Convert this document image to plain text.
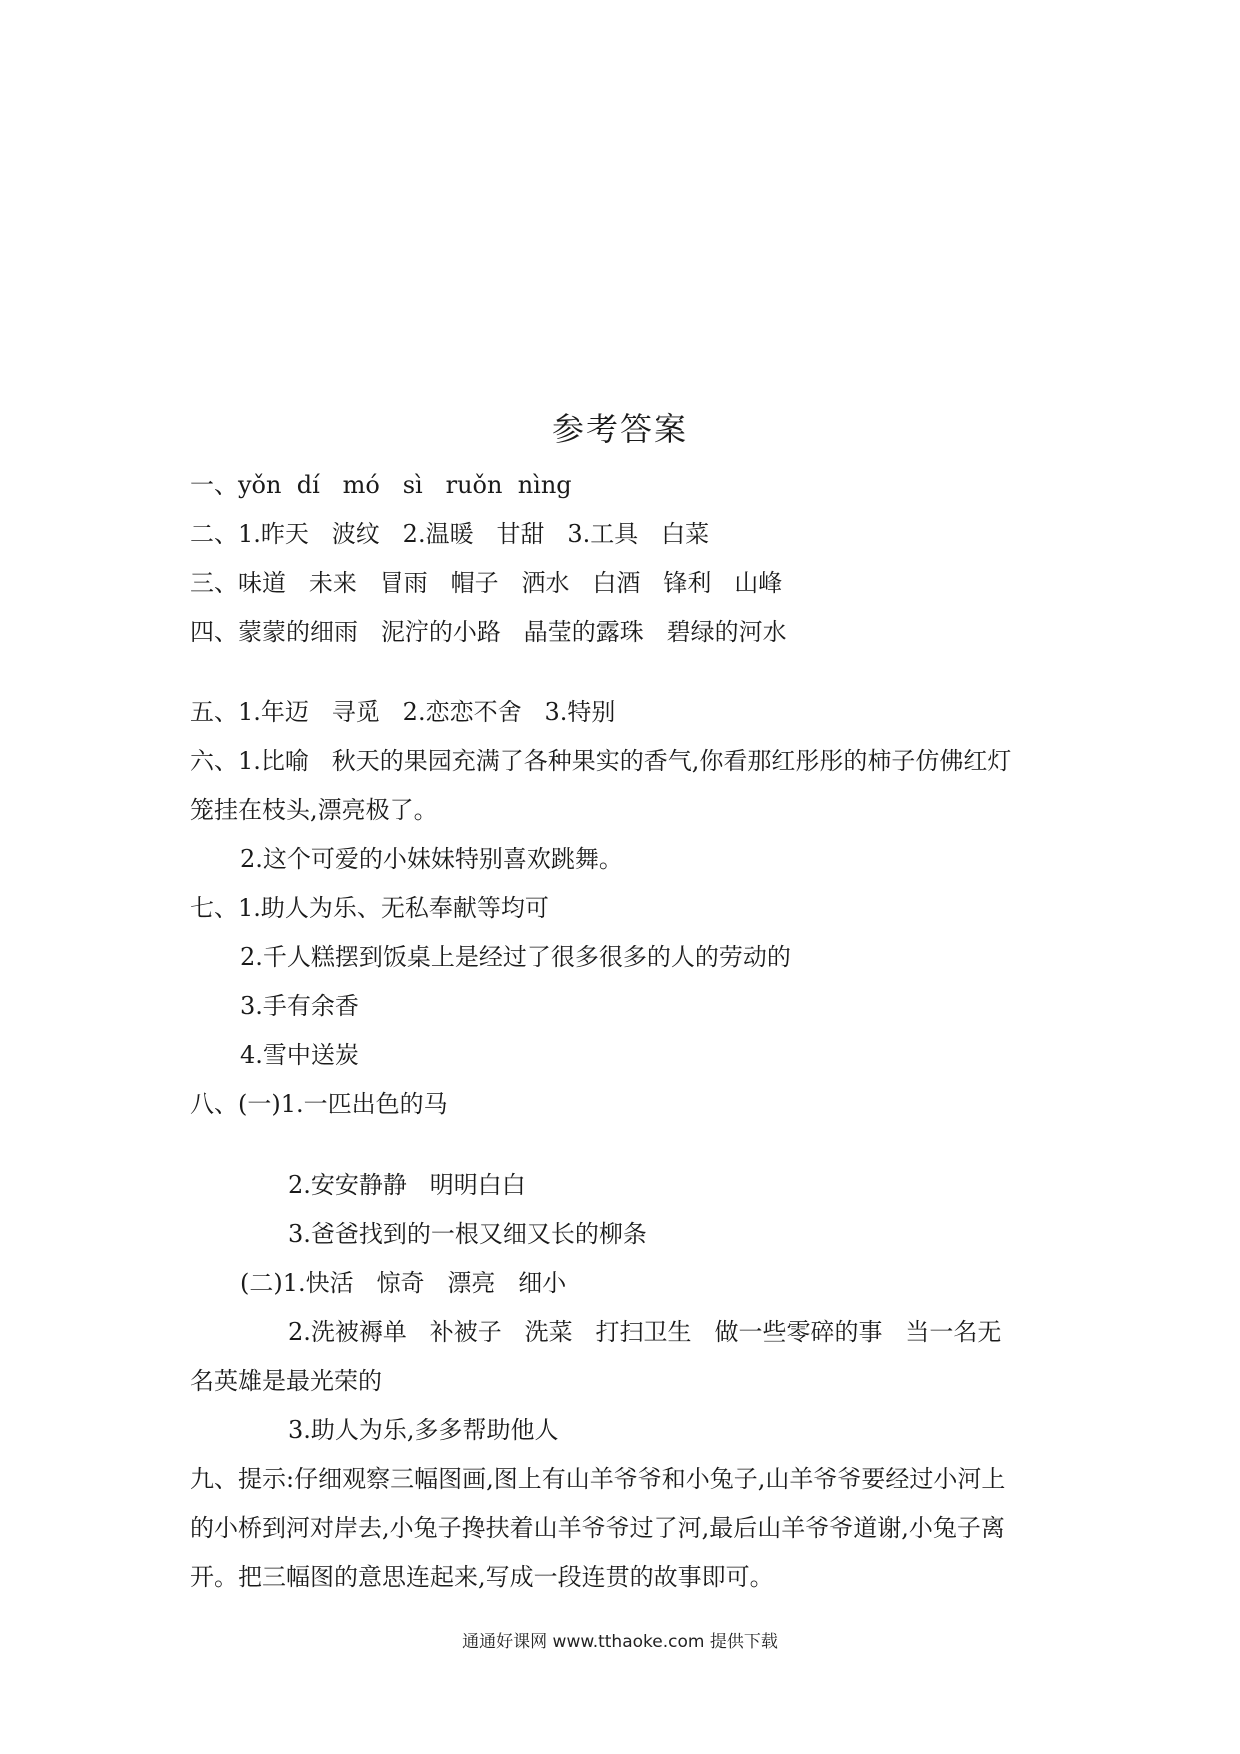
参考答案
一、yǒn  dí   mó   sì   ruǒn  nìng
二、1.昨天   波纹   2.温暖   甘甜   3.工具   白菜
三、味道   未来   冒雨   帽子   洒水   白酒   锋利   山峰
四、蒙蒙的细雨   泥泞的小路   晶莹的露珠   碧绿的河水
五、1.年迈   寻觅   2.恋恋不舍   3.特别
六、1.比喻   秋天的果园充满了各种果实的香气,你看那红彤彤的柿子仿佛红灯
笼挂在枝头,漂亮极了。
2.这个可爱的小妹妹特别喜欢跳舞。
七、1.助人为乐、无私奉献等均可
2.千人糕摆到饭桌上是经过了很多很多的人的劳动的
3.手有余香
4.雪中送炭
八、(一)1.一匹出色的马
2.安安静静   明明白白
3.爸爸找到的一根又细又长的柳条
(二)1.快活   惊奇   漂亮   细小
2.洗被褥单   补被子   洗菜   打扫卫生   做一些零碎的事   当一名无
名英雄是最光荣的
3.助人为乐,多多帮助他人
九、提示:仔细观察三幅图画,图上有山羊爷爷和小兔子,山羊爷爷要经过小河上
的小桥到河对岸去,小兔子搀扶着山羊爷爷过了河,最后山羊爷爷道谢,小兔子离
开。把三幅图的意思连起来,写成一段连贯的故事即可。
通通好课网 www.tthaoke.com 提供下载
